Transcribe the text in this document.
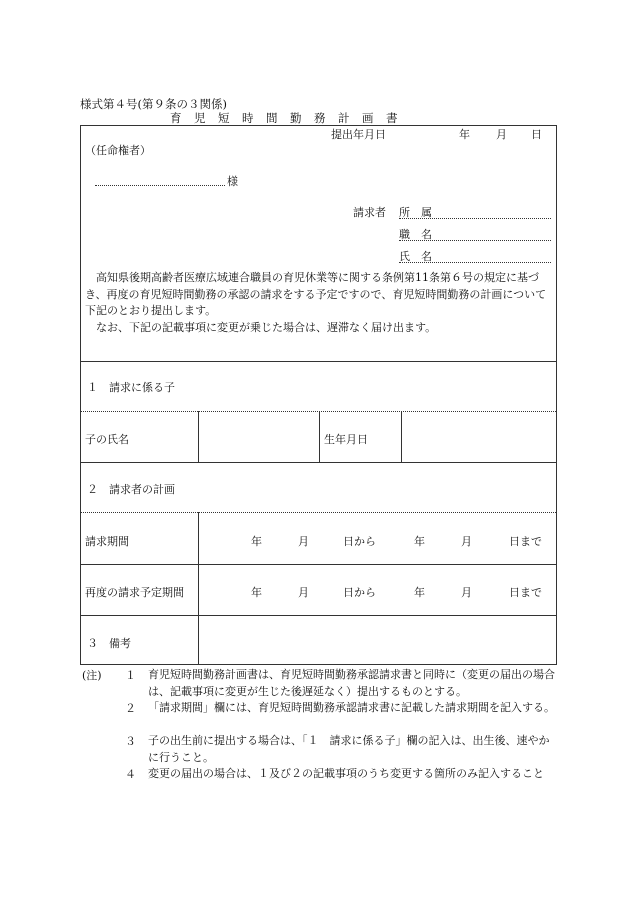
様式第４号(第９条の３関係)
育　児　短　時　間　勤　務　計　画　書
提出年月日	年 月 日
（任命権者）
様
請求者 所　属
職　名
氏　名
高知県後期高齢者医療広域連合職員の育児休業等に関する条例第11条第６号の規定に基づき、再度の育児短時間勤務の承認の請求をする予定ですので、育児短時間勤務の計画について下記のとおり提出します。
なお、下記の記載事項に変更が乗じた場合は、遅滞なく届け出ます。
１　請求に係る子
子の氏名	生年月日
２　請求者の計画
請求期間	年	月	日から	年	月	日まで
再度の請求予定期間	年	月	日から	年	月	日まで
３　備考
(注) １ 育児短時間勤務計画書は、育児短時間勤務承認請求書と同時に（変更の届出の場合は、記載事項に変更が生じた後遅延なく）提出するものとする。
２ 「請求期間」欄には、育児短時間勤務承認請求書に記載した請求期間を記入する。
３ 子の出生前に提出する場合は、「１　請求に係る子」欄の記入は、出生後、速やかに行うこと。
４ 変更の届出の場合は、１及び２の記載事項のうち変更する箇所のみ記入すること
